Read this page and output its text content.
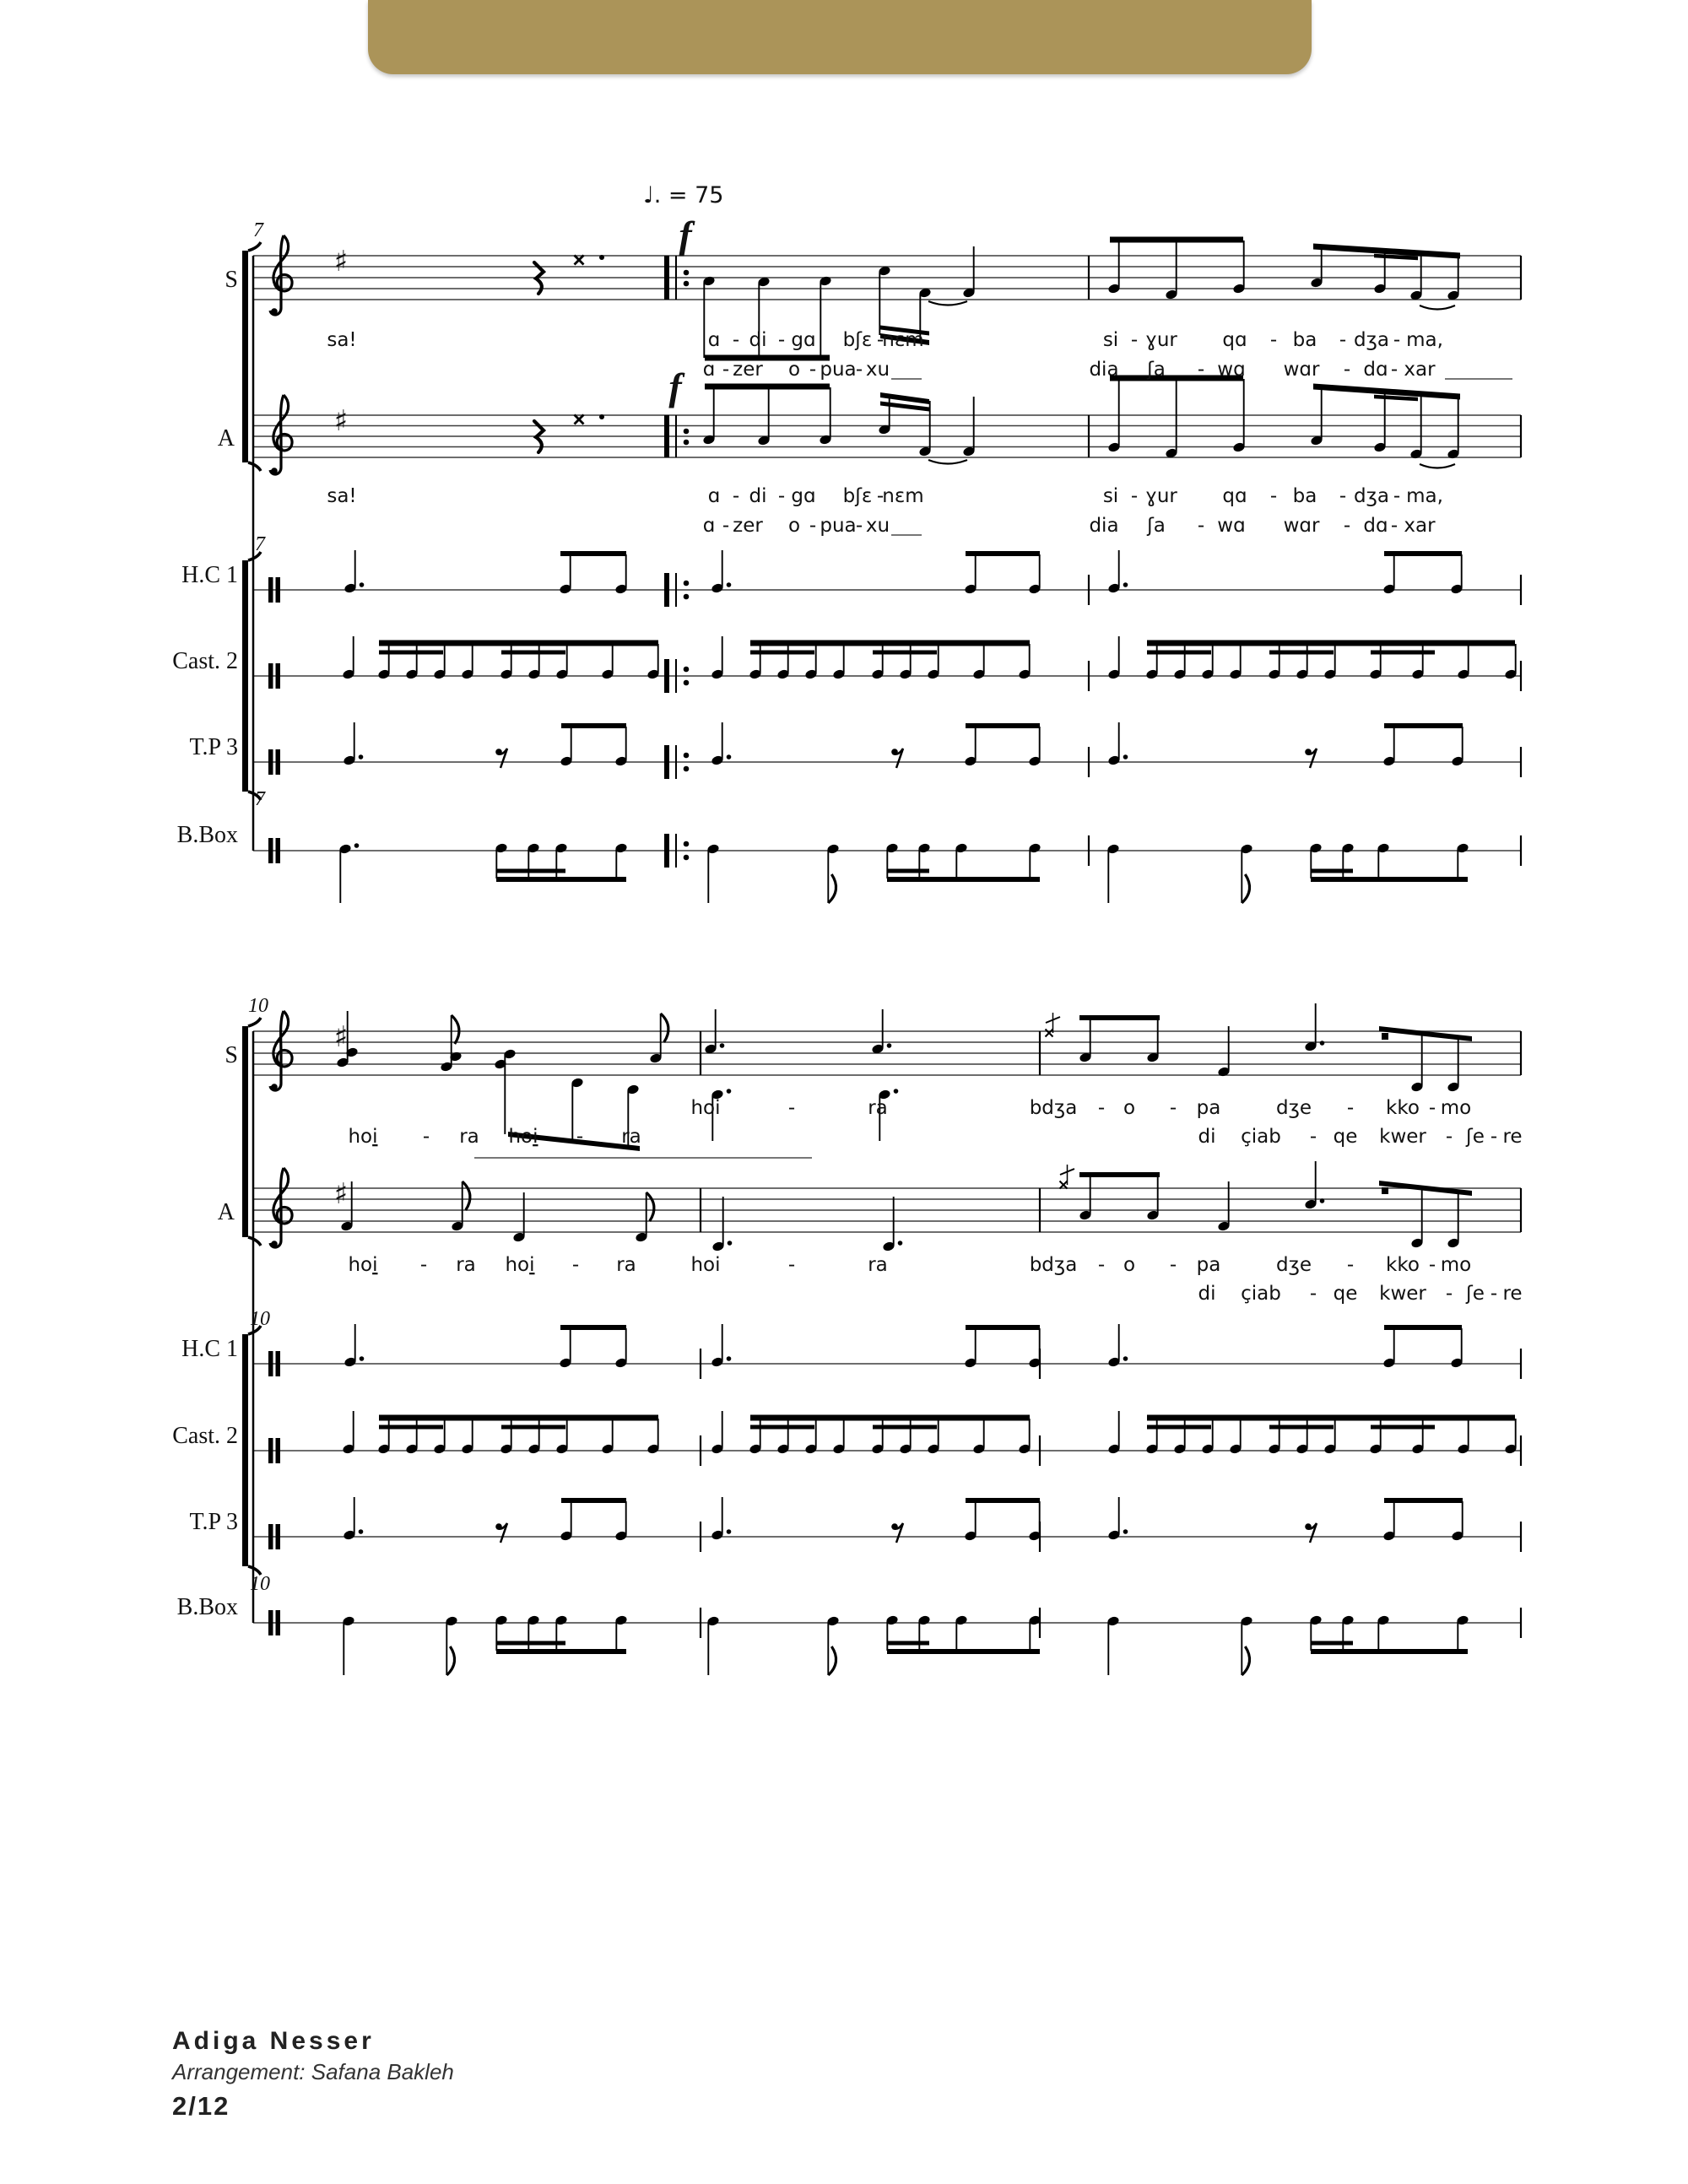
♯
♯
♯
♯
S
A
H.C 1
Cast. 2
T.P 3
B.Box
S
A
H.C 1
Cast. 2
T.P 3
B.Box
7
7
7
10
10
10
♩. = 75
f
f
sa!	ɑ - di - gɑ bʃɛ -
nɛm	si - ɣur qɑ - ba - dʒa - ma,
ɑ - zer o - pua - xu	dia ʃa - wɑ wɑr - dɑ - xar
sa!	ɑ - di - gɑ bʃɛ -
nɛm	si - ɣur qɑ - ba - dʒa - ma,
ɑ - zer o - pua - xu	dia ʃa - wɑ wɑr - dɑ - xar
hoi	-	ra	bdʒa - o - pa	dʒe - kko - mo
hoi - ra hoi - ra	di çiab - qe kwer - ʃe - re
hoi - ra hoi - ra	hoi	-	ra	bdʒa - o - pa	dʒe - kko - mo
di çiab - qe kwer - ʃe - re
Adiga Nesser
Arrangement: Safana Bakleh
2/12
